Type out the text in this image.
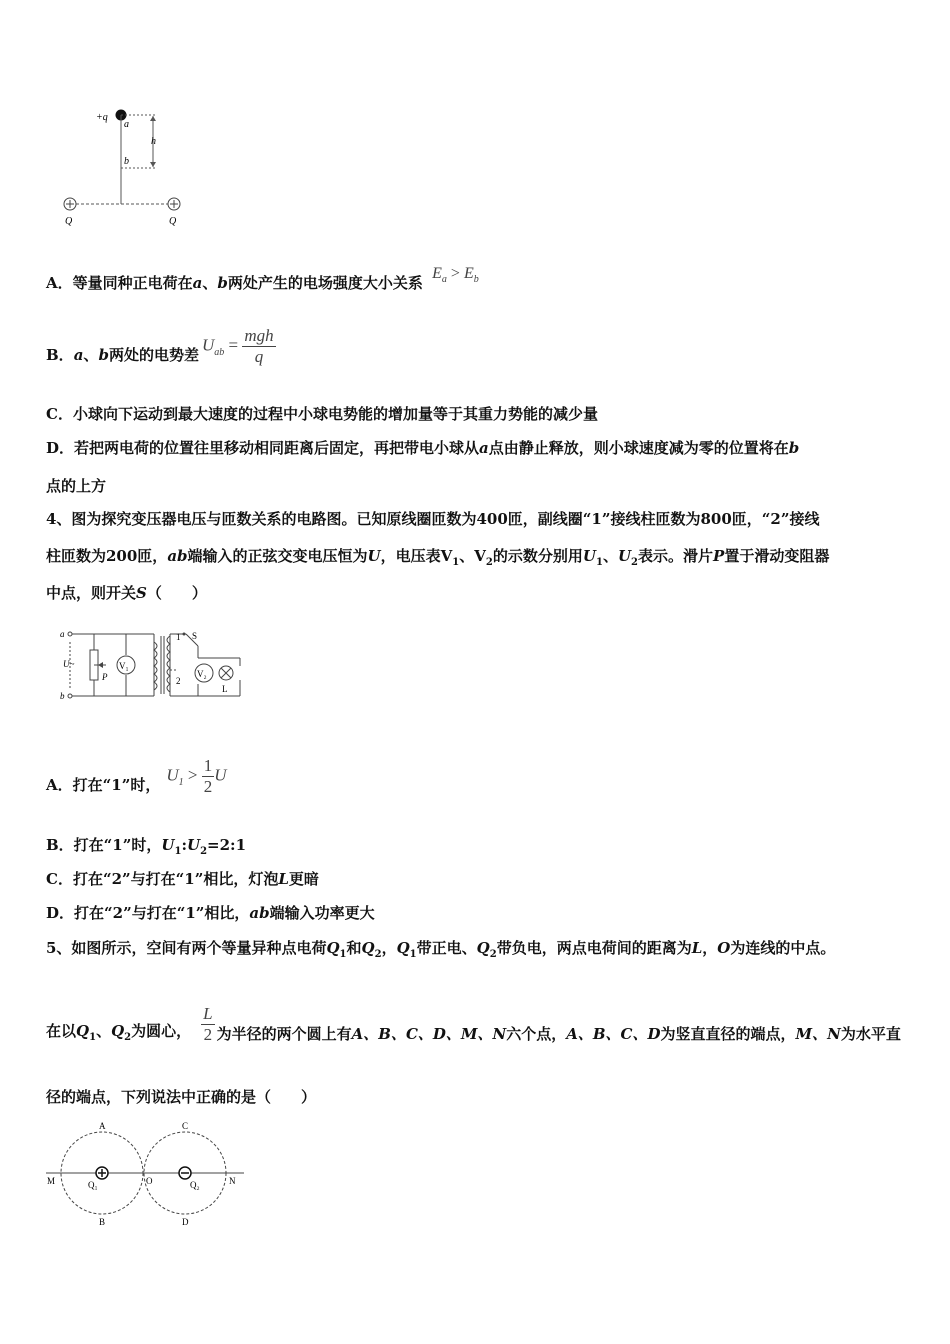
+q
a
b
h
Q	Q
A．等量同种正电荷在a、b两处产生的电场强度大小关系 $E_a > E_b$
B．a、b两处的电势差
$U_{ab} = \frac{\text{mgh}}{q}$
C．小球向下运动到最大速度的过程中小球电势能的增加量等于其重力势能的减少量
D．若把两电荷的位置往里移动相同距离后固定，再把带电小球从a点由静止释放，则小球速度减为零的位置将在b
点的上方
4、图为探究变压器电压与匝数关系的电路图。已知原线圈匝数为400匝，副线圈“1”接线柱匝数为800匝，“2”接线
柱匝数为200匝，ab端输入的正弦交变电压恒为U，电压表$V_1$、$V_2$的示数分别用$U_1$、$U_2$表示。滑片P置于滑动变阻器
中点，则开关S（　　）
a
b
U~
P
V₁
1
2
S
V₂
L
A．打在“1”时，
$U_1 > \frac{1}{2}$ U
B．打在“1”时，$U_1:U_2=2:1$
C．打在“2”与打在“1”相比，灯泡L更暗
D．打在“2”与打在“1”相比，ab端输入功率更大
5、如图所示，空间有两个等量异种点电荷$Q_1$和$Q_2$，$Q_1$带正电、$Q_2$带负电，两点电荷间的距离为L，O为连线的中点。
在以$Q_1$、$Q_2$为圆心， $\frac{L}{2}$ 为半径的两个圆上有A、B、C、D、M、N六个点，A、B、C、D为竖直直径的端点，M、N为水平直
径的端点，下列说法中正确的是（　　）
A
B
C
D
M	N
O
Q₁	Q₂
